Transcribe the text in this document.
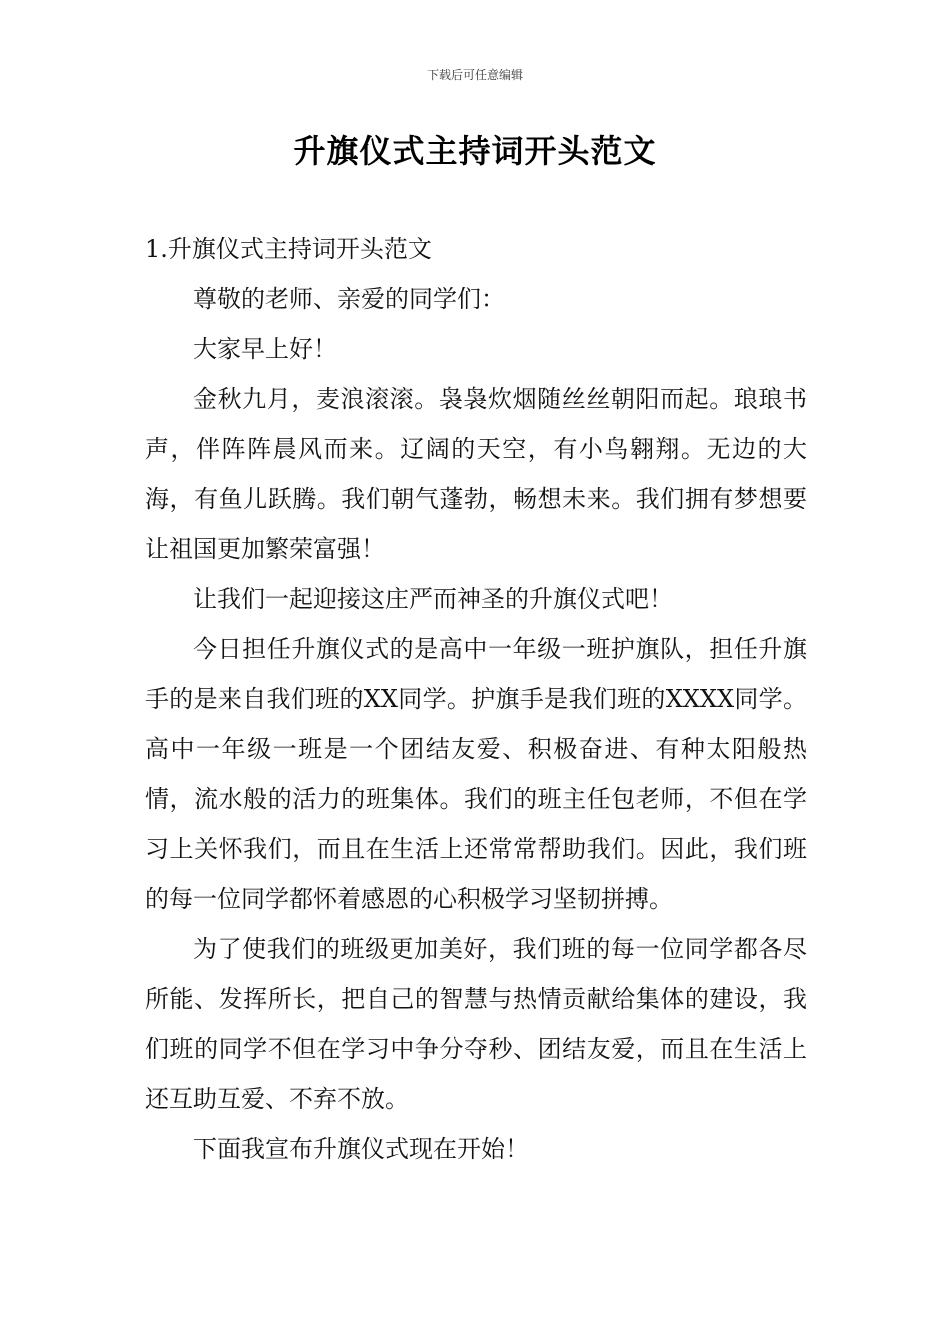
下载后可任意编辑
升旗仪式主持词开头范文

1.升旗仪式主持词开头范文

尊敬的老师、亲爱的同学们：

大家早上好！

金秋九月，麦浪滚滚。袅袅炊烟随丝丝朝阳而起。琅琅书声，伴阵阵晨风而来。辽阔的天空，有小鸟翱翔。无边的大海，有鱼儿跃腾。我们朝气蓬勃，畅想未来。我们拥有梦想要让祖国更加繁荣富强！

让我们一起迎接这庄严而神圣的升旗仪式吧！

今日担任升旗仪式的是高中一年级一班护旗队，担任升旗手的是来自我们班的XX同学。护旗手是我们班的XXXX同学。高中一年级一班是一个团结友爱、积极奋进、有种太阳般热情，流水般的活力的班集体。我们的班主任包老师，不但在学习上关怀我们，而且在生活上还常常帮助我们。因此，我们班的每一位同学都怀着感恩的心积极学习坚韧拼搏。

为了使我们的班级更加美好，我们班的每一位同学都各尽所能、发挥所长，把自己的智慧与热情贡献给集体的建设，我们班的同学不但在学习中争分夺秒、团结友爱，而且在生活上还互助互爱、不弃不放。

下面我宣布升旗仪式现在开始！
